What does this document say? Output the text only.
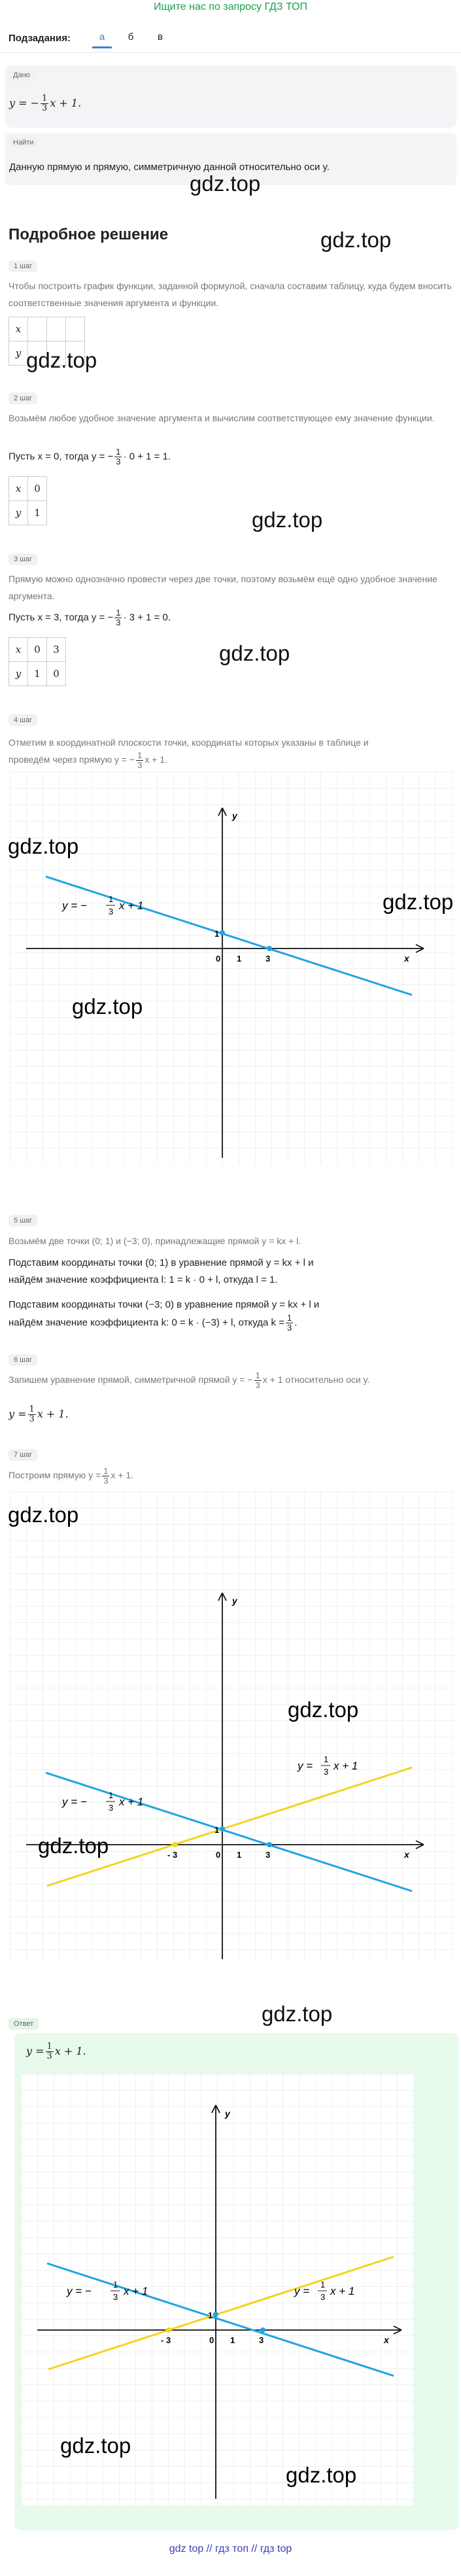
Ищите нас по запросу ГДЗ ТОП
Подзадания:	а	б	в
Дано
y = − $\frac{1}{3}$ x + 1.
Найти
Данную прямую и прямую, симметричную данной относительно оси y.
gdz.top
Подробное решение	gdz.top
1 шаг
Чтобы построить график функции, заданной формулой, сначала составим таблицу, куда будем вносить соответственные значения аргумента и функции.
x			
y			gdz.top
2 шаг
Возьмём любое удобное значение аргумента и вычислим соответствующее ему значение функции.
Пусть x = 0, тогда y = − $\frac{1}{3} \cdot 0 + 1 = 1$.
x	0
y	1	gdz.top
3 шаг
Прямую можно однозначно провести через две точки, поэтому возьмём ещё одно удобное значение аргумента.
Пусть x = 3, тогда y = − $\frac{1}{3} \cdot 3 + 1 = 0$.
x	0	3
y	1	0
gdz.top
4 шаг
Отметим в координатной плоскости точки, координаты которых указаны в таблице и
проведём через прямую y = − $\frac{1}{3}$ x + 1.
x
y
0 1
1
3
y = −
1
3 x + 1
gdz.top
gdz.top
gdz.top
5 шаг
Возьмём две точки (0; 1) и (−3; 0), принадлежащие прямой y = kx + l.
Подставим координаты точки (0; 1) в уравнение прямой y = kx + l и
найдём значение коэффициента l: 1 = k · 0 + l, откуда l = 1.
Подставим координаты точки (−3; 0) в уравнение прямой y = kx + l и
найдём значение коэффициента k: 0 = k · (−3) + l, откуда $k = \frac{1}{3}$ .
6 шаг
Запишем уравнение прямой, симметричной прямой y = − $\frac{1}{3}$ x + 1 относительно оси y.
$y = \frac{1}{3}$ x + 1.
7 шаг
Построим прямую $y = \frac{1}{3}$ x + 1.
x
y
0 1
1
3
- 3
y = −
1
3 x + 1
y =
1
3 x + 1
gdz.top
gdz.top
gdz.top
gdz.top
Ответ
$y = \frac{1}{3}$ x + 1.
x
y
0 1
1
3
- 3
y = −
1
3 x + 1	y =
1
3 x + 1
gdz.top
gdz.top
gdz top // гдз топ // гдз top
